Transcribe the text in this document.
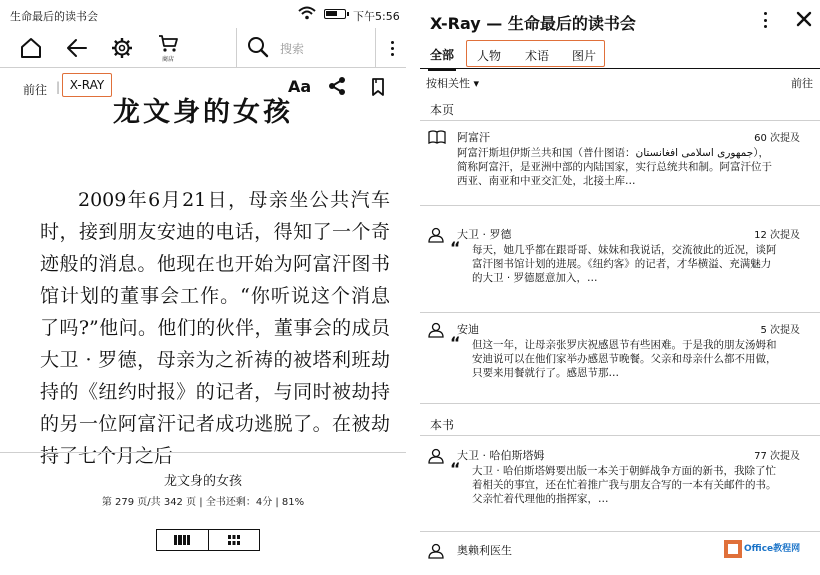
生命最后的读书会	下午5:56
商店
搜索
前往 | X-RAY	Aa
龙文身的女孩

2009年6月21日，母亲坐公共汽车时，接到朋友安迪的电话，得知了一个奇迹般的消息。他现在也开始为阿富汗图书馆计划的董事会工作。“你听说这个消息了吗?”他问。他们的伙伴，董事会的成员大卫 · 罗德，母亲为之祈祷的被塔利班劫持的《纽约时报》的记者，与同时被劫持的另一位阿富汗记者成功逃脱了。在被劫持了七个月之后

龙文身的女孩
第 279 页/共 342 页 | 全书还剩：4分 | 81%
X-Ray — 生命最后的读书会
全部 人物 术语 图片
按相关性 ▾	前往
本页
阿富汗	60 次提及
阿富汗斯坦伊斯兰共和国（普什图语：جمهوری اسلامی افغانستان），简称阿富汗，是亚洲中部的内陆国家，实行总统共和制。阿富汗位于西亚、南亚和中亚交汇处，北接土库…
大卫 · 罗德	12 次提及
“ 每天，她几乎都在跟哥哥、妹妹和我说话，交流彼此的近况，谈阿富汗图书馆计划的进展。《纽约客》的记者，才华横溢、充满魅力的大卫 · 罗德愿意加入，…
安迪	5 次提及
“ 但这一年，让母亲张罗庆祝感恩节有些困难。于是我的朋友汤姆和安迪说可以在他们家举办感恩节晚餐。父亲和母亲什么都不用做，只要来用餐就行了。感恩节那…
本书
大卫 · 哈伯斯塔姆	77 次提及
“ 大卫 · 哈伯斯塔姆要出版一本关于朝鲜战争方面的新书，我除了忙着相关的事宜，还在忙着推广我与朋友合写的一本有关邮件的书。父亲忙着代理他的指挥家，…
奥赖利医生	Office教程网
